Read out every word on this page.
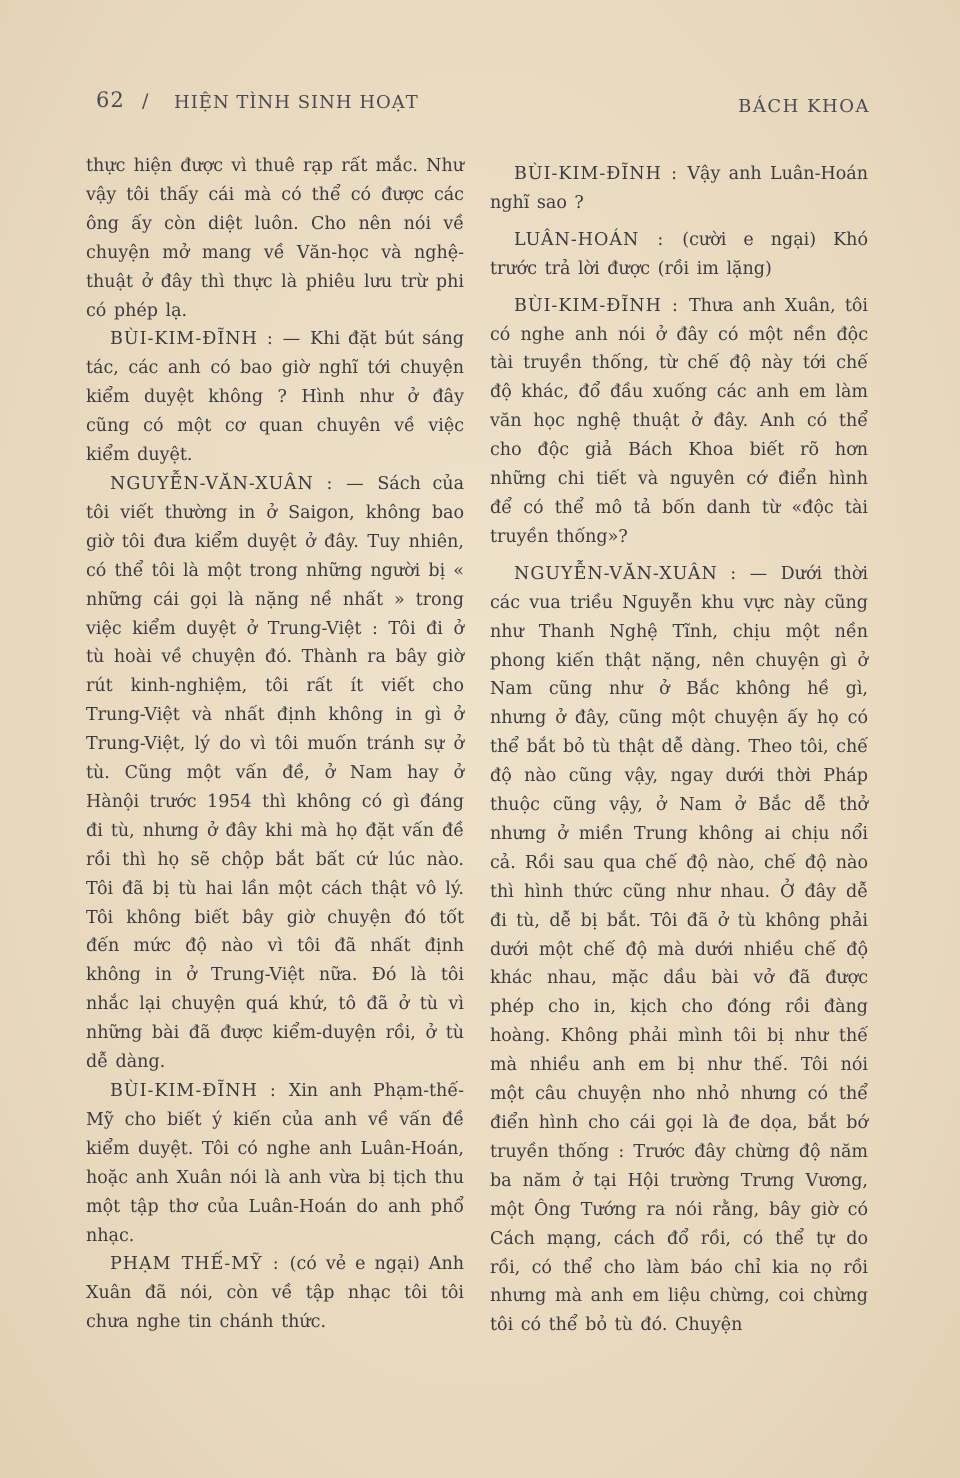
62 / HIỆN TÌNH SINH HOẠT	BÁCH KHOA

thực hiện được vì thuê rạp rất mắc. Như vậy tôi thấy cái mà có thể có được các ông ấy còn diệt luôn. Cho nên nói về chuyện mở mang về Văn-học và nghệ-thuật ở đây thì thực là phiêu lưu trừ phi có phép lạ.

BÙI-KIM-ĐĨNH : — Khi đặt bút sáng tác, các anh có bao giờ nghĩ tới chuyện kiểm duyệt không ? Hình như ở đây cũng có một cơ quan chuyên về việc kiểm duyệt.

NGUYỄN-VĂN-XUÂN : — Sách của tôi viết thường in ở Saigon, không bao giờ tôi đưa kiểm duyệt ở đây. Tuy nhiên, có thể tôi là một trong những người bị « những cái gọi là nặng nề nhất » trong việc kiểm duyệt ở Trung-Việt : Tôi đi ở tù hoài về chuyện đó. Thành ra bây giờ rút kinh-nghiệm, tôi rất ít viết cho Trung-Việt và nhất định không in gì ở Trung-Việt, lý do vì tôi muốn tránh sự ở tù. Cũng một vấn đề, ở Nam hay ở Hànội trước 1954 thì không có gì đáng đi tù, nhưng ở đây khi mà họ đặt vấn đề rồi thì họ sẽ chộp bắt bất cứ lúc nào. Tôi đã bị tù hai lần một cách thật vô lý. Tôi không biết bây giờ chuyện đó tốt đến mức độ nào vì tôi đã nhất định không in ở Trung-Việt nữa. Đó là tôi nhắc lại chuyện quá khứ, tô đã ở tù vì những bài đã được kiểm-duyện rồi, ở tù dễ dàng.

BÙI-KIM-ĐĨNH : Xin anh Phạm-thế-Mỹ cho biết ý kiến của anh về vấn đề kiểm duyệt. Tôi có nghe anh Luân-Hoán, hoặc anh Xuân nói là anh vừa bị tịch thu một tập thơ của Luân-Hoán do anh phổ nhạc.

PHẠM THẾ-MỸ : (có vẻ e ngại) Anh Xuân đã nói, còn về tập nhạc tôi tôi chưa nghe tin chánh thức.

BÙI-KIM-ĐĨNH : Vậy anh Luân-Hoán nghĩ sao ?

LUÂN-HOÁN : (cười e ngại) Khó trước trả lời được (rồi im lặng)

BÙI-KIM-ĐĨNH : Thưa anh Xuân, tôi có nghe anh nói ở đây có một nền độc tài truyền thống, từ chế độ này tới chế độ khác, đổ đầu xuống các anh em làm văn học nghệ thuật ở đây. Anh có thể cho độc giả Bách Khoa biết rõ hơn những chi tiết và nguyên cớ điển hình để có thể mô tả bốn danh từ «độc tài truyền thống»?

NGUYỄN-VĂN-XUÂN : — Dưới thời các vua triều Nguyễn khu vực này cũng như Thanh Nghệ Tĩnh, chịu một nền phong kiến thật nặng, nên chuyện gì ở Nam cũng như ở Bắc không hề gì, nhưng ở đây, cũng một chuyện ấy họ có thể bắt bỏ tù thật dễ dàng. Theo tôi, chế độ nào cũng vậy, ngay dưới thời Pháp thuộc cũng vậy, ở Nam ở Bắc dễ thở nhưng ở miền Trung không ai chịu nổi cả. Rồi sau qua chế độ nào, chế độ nào thì hình thức cũng như nhau. Ở đây dễ đi tù, dễ bị bắt. Tôi đã ở tù không phải dưới một chế độ mà dưới nhiều chế độ khác nhau, mặc dầu bài vở đã được phép cho in, kịch cho đóng rồi đàng hoàng. Không phải mình tôi bị như thế mà nhiều anh em bị như thế. Tôi nói một câu chuyện nho nhỏ nhưng có thể điển hình cho cái gọi là đe dọa, bắt bớ truyền thống : Trước đây chừng độ năm ba năm ở tại Hội trường Trưng Vương, một Ông Tướng ra nói rằng, bây giờ có Cách mạng, cách đổ rồi, có thể tự do rồi, có thể cho làm báo chỉ kia nọ rồi nhưng mà anh em liệu chừng, coi chừng tôi có thể bỏ tù đó. Chuyện
